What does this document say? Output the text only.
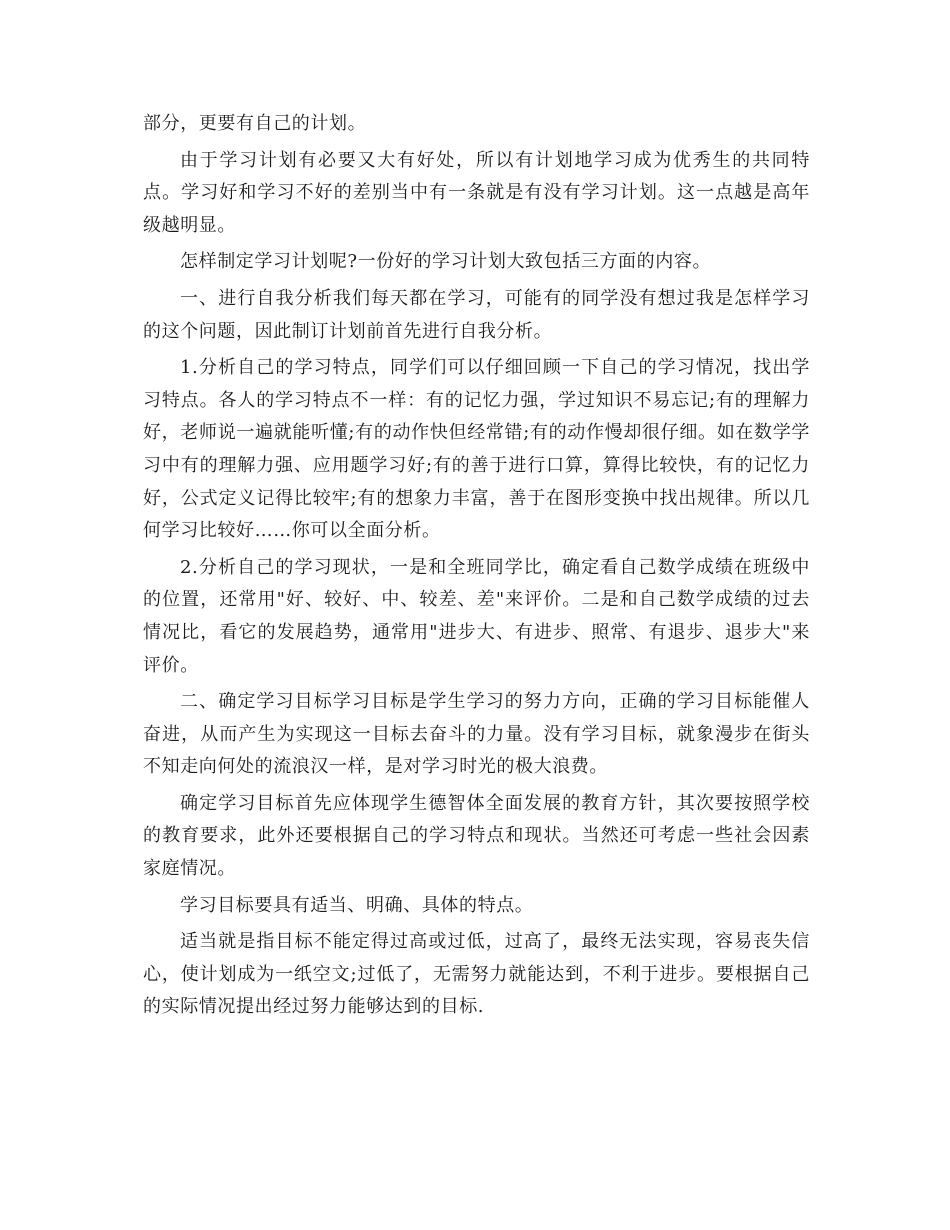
部分，更要有自己的计划。

由于学习计划有必要又大有好处，所以有计划地学习成为优秀生的共同特点。学习好和学习不好的差别当中有一条就是有没有学习计划。这一点越是高年级越明显。

怎样制定学习计划呢?一份好的学习计划大致包括三方面的内容。

一、进行自我分析我们每天都在学习，可能有的同学没有想过我是怎样学习的这个问题，因此制订计划前首先进行自我分析。

1.分析自己的学习特点，同学们可以仔细回顾一下自己的学习情况，找出学习特点。各人的学习特点不一样：有的记忆力强，学过知识不易忘记;有的理解力好，老师说一遍就能听懂;有的动作快但经常错;有的动作慢却很仔细。如在数学学习中有的理解力强、应用题学习好;有的善于进行口算，算得比较快，有的记忆力好，公式定义记得比较牢;有的想象力丰富，善于在图形变换中找出规律。所以几何学习比较好……你可以全面分析。

2.分析自己的学习现状，一是和全班同学比，确定看自己数学成绩在班级中的位置，还常用"好、较好、中、较差、差"来评价。二是和自己数学成绩的过去情况比，看它的发展趋势，通常用"进步大、有进步、照常、有退步、退步大"来评价。

二、确定学习目标学习目标是学生学习的努力方向，正确的学习目标能催人奋进，从而产生为实现这一目标去奋斗的力量。没有学习目标，就象漫步在街头不知走向何处的流浪汉一样，是对学习时光的极大浪费。

确定学习目标首先应体现学生德智体全面发展的教育方针，其次要按照学校的教育要求，此外还要根据自己的学习特点和现状。当然还可考虑一些社会因素家庭情况。

学习目标要具有适当、明确、具体的特点。

适当就是指目标不能定得过高或过低，过高了，最终无法实现，容易丧失信心，使计划成为一纸空文;过低了，无需努力就能达到，不利于进步。要根据自己的实际情况提出经过努力能够达到的目标.
